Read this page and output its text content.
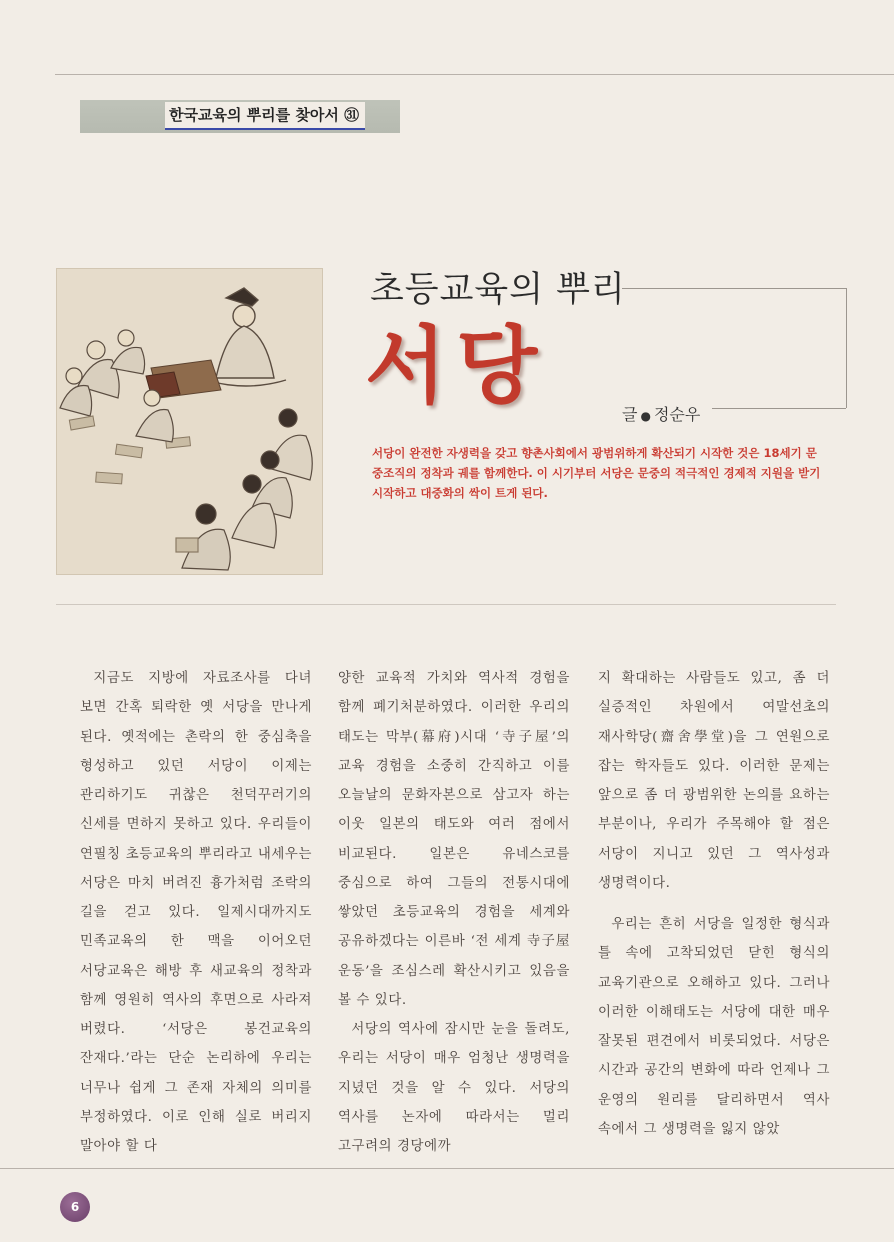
한국교육의 뿌리를 찾아서 ㉛
초등교육의 뿌리
서당	글 ● 정순우
서당이 완전한 자생력을 갖고 향촌사회에서 광범위하게 확산되기 시작한 것은 18세기 문중조직의 정착과 궤를 함께한다. 이 시기부터 서당은 문중의 적극적인 경제적 지원을 받기 시작하고 대중화의 싹이 트게 된다.

지금도 지방에 자료조사를 다녀 보면 간혹 퇴락한 옛 서당을 만나게 된다. 옛적에는 촌락의 한 중심축을 형성하고 있던 서당이 이제는 관리하기도 귀찮은 천덕꾸러기의 신세를 면하지 못하고 있다. 우리들이 연필칭 초등교육의 뿌리라고 내세우는 서당은 마치 버려진 흉가처럼 조락의 길을 걷고 있다. 일제시대까지도 민족교육의 한 맥을 이어오던 서당교육은 해방 후 새교육의 정착과 함께 영원히 역사의 후면으로 사라져 버렸다. ‘서당은 봉건교육의 잔재다.’라는 단순 논리하에 우리는 너무나 쉽게 그 존재 자체의 의미를 부정하였다. 이로 인해 실로 버리지 말아야 할 다

양한 교육적 가치와 역사적 경험을 함께 폐기처분하였다. 이러한 우리의 태도는 막부(幕府)시대 ‘寺子屋’의 교육 경험을 소중히 간직하고 이를 오늘날의 문화자본으로 삼고자 하는 이웃 일본의 태도와 여러 점에서 비교된다. 일본은 유네스코를 중심으로 하여 그들의 전통시대에 쌓았던 초등교육의 경험을 세계와 공유하겠다는 이른바 ‘전 세계 寺子屋 운동’을 조심스레 확산시키고 있음을 볼 수 있다.

서당의 역사에 잠시만 눈을 돌려도, 우리는 서당이 매우 엄청난 생명력을 지녔던 것을 알 수 있다. 서당의 역사를 논자에 따라서는 멀리 고구려의 경당에까

지 확대하는 사람들도 있고, 좀 더 실증적인 차원에서 여말선초의 재사학당(齋舍學堂)을 그 연원으로 잡는 학자들도 있다. 이러한 문제는 앞으로 좀 더 광범위한 논의를 요하는 부분이나, 우리가 주목해야 할 점은 서당이 지니고 있던 그 역사성과 생명력이다.

우리는 흔히 서당을 일정한 형식과 틀 속에 고착되었던 닫힌 형식의 교육기관으로 오해하고 있다. 그러나 이러한 이해태도는 서당에 대한 매우 잘못된 편견에서 비롯되었다. 서당은 시간과 공간의 변화에 따라 언제나 그 운영의 원리를 달리하면서 역사 속에서 그 생명력을 잃지 않았

6
